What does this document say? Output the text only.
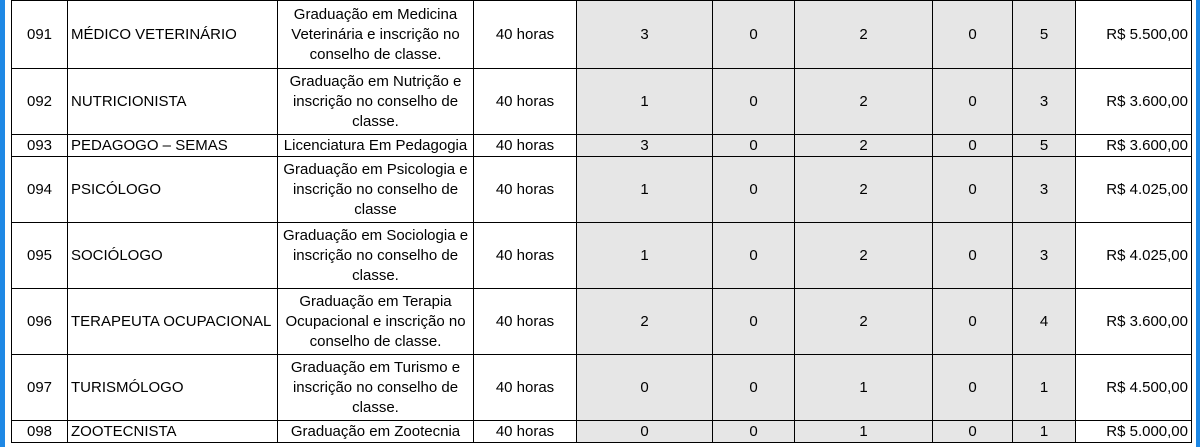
091	MÉDICO VETERINÁRIO	Graduação em Medicina Veterinária e inscrição no conselho de classe.	40 horas	3	0	2	0	5	R$ 5.500,00
092	NUTRICIONISTA	Graduação em Nutrição e inscrição no conselho de classe.	40 horas	1	0	2	0	3	R$ 3.600,00
093	PEDAGOGO – SEMAS	Licenciatura Em Pedagogia	40 horas	3	0	2	0	5	R$ 3.600,00
094	PSICÓLOGO	Graduação em Psicologia e inscrição no conselho de classe	40 horas	1	0	2	0	3	R$ 4.025,00
095	SOCIÓLOGO	Graduação em Sociologia e inscrição no conselho de classe.	40 horas	1	0	2	0	3	R$ 4.025,00
096	TERAPEUTA OCUPACIONAL	Graduação em Terapia Ocupacional e inscrição no conselho de classe.	40 horas	2	0	2	0	4	R$ 3.600,00
097	TURISMÓLOGO	Graduação em Turismo e inscrição no conselho de classe.	40 horas	0	0	1	0	1	R$ 4.500,00
098	ZOOTECNISTA	Graduação em Zootecnia	40 horas	0	0	1	0	1	R$ 5.000,00
